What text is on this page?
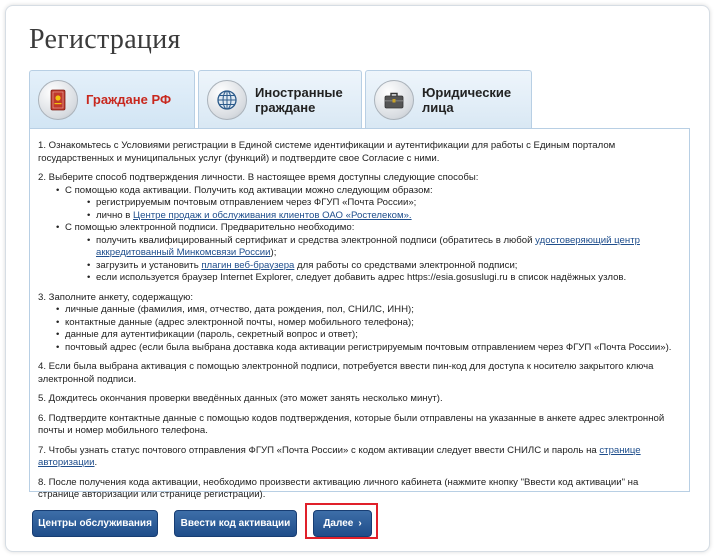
Регистрация
Граждане РФ	Иностранные
граждане
Юридические
лица
1. Ознакомьтесь с Условиями регистрации в Единой системе идентификации и аутентификации для работы с Единым порталом государственных и муниципальных услуг (функций) и подтвердите свое Согласие с ними.
2. Выберите способ подтверждения личности. В настоящее время доступны следующие способы:
• С помощью кода активации. Получить код активации можно следующим образом:
• регистрируемым почтовым отправлением через ФГУП «Почта России»;
• лично в Центре продаж и обслуживания клиентов ОАО «Ростелеком».
• С помощью электронной подписи. Предварительно необходимо:
• получить квалифицированный сертификат и средства электронной подписи (обратитесь в любой удостоверяющий центр аккредитованный Минкомсвязи России);
• загрузить и установить плагин веб-браузера для работы со средствами электронной подписи;
• если используется браузер Internet Explorer, следует добавить адрес https://esia.gosuslugi.ru в список надёжных узлов.
3. Заполните анкету, содержащую:
• личные данные (фамилия, имя, отчество, дата рождения, пол, СНИЛС, ИНН);
• контактные данные (адрес электронной почты, номер мобильного телефона);
• данные для аутентификации (пароль, секретный вопрос и ответ);
• почтовый адрес (если была выбрана доставка кода активации регистрируемым почтовым отправлением через ФГУП «Почта России»).
4. Если была выбрана активация с помощью электронной подписи, потребуется ввести пин-код для доступа к носителю закрытого ключа электронной подписи.
5. Дождитесь окончания проверки введённых данных (это может занять несколько минут).
6. Подтвердите контактные данные с помощью кодов подтверждения, которые были отправлены на указанные в анкете адрес электронной почты и номер мобильного телефона.
7. Чтобы узнать статус почтового отправления ФГУП «Почта России» с кодом активации следует ввести СНИЛС и пароль на странице авторизации.
8. После получения кода активации, необходимо произвести активацию личного кабинета (нажмите кнопку "Ввести код активации" на странице авторизации или странице регистрации).
Центры обслуживания	Ввести код активации	Далее ›
